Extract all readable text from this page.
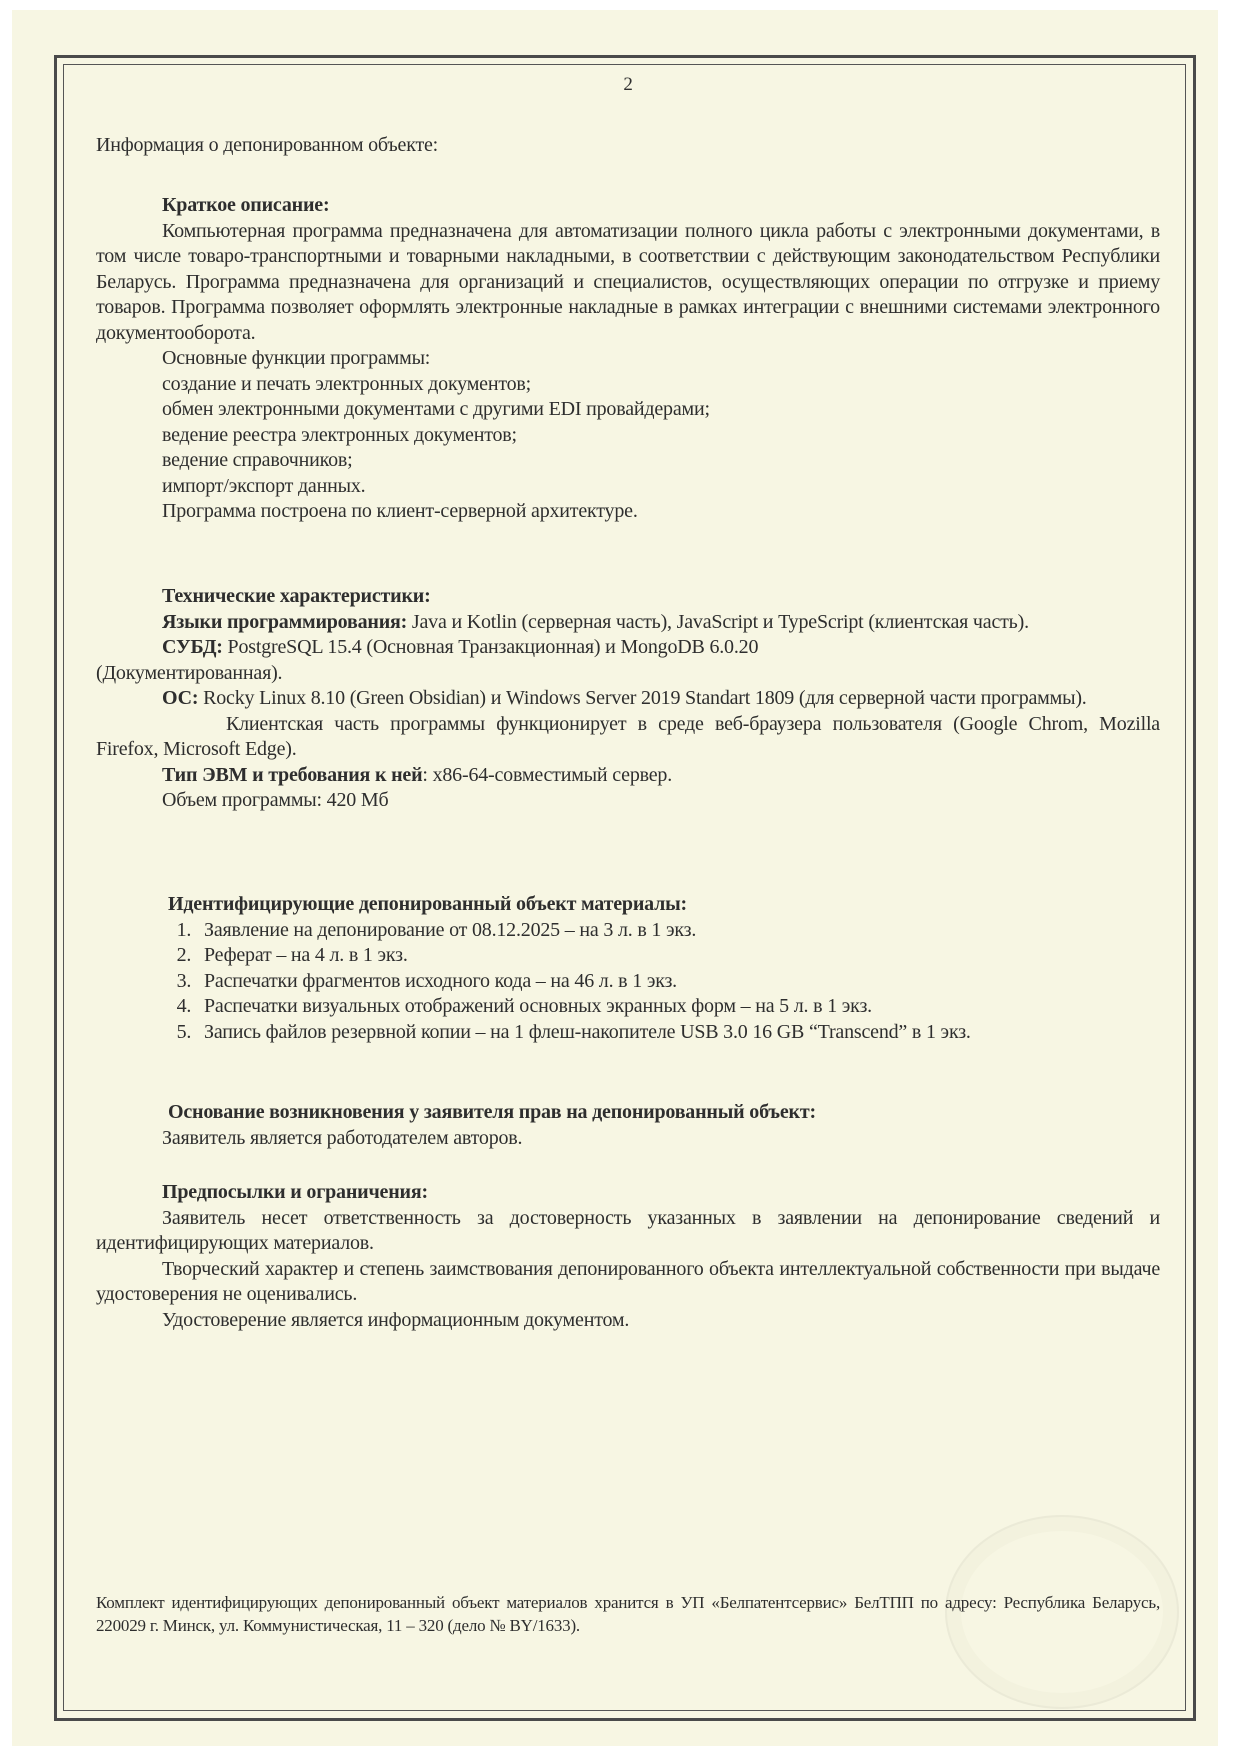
2

Информация о депонированном объекте:

Краткое описание:

Компьютерная программа предназначена для автоматизации полного цикла работы с электронными документами, в том числе товаро-транспортными и товарными накладными, в соответствии с действующим законодательством Республики Беларусь. Программа предназначена для организаций и специалистов, осуществляющих операции по отгрузке и приему товаров. Программа позволяет оформлять электронные накладные в рамках интеграции с внешними системами электронного документооборота.

Основные функции программы:

создание и печать электронных документов;

обмен электронными документами с другими EDI провайдерами;

ведение реестра электронных документов;

ведение справочников;

импорт/экспорт данных.

Программа построена по клиент-серверной архитектуре.

Технические характеристики:

Языки программирования: Java и Kotlin (серверная часть), JavaScript и TypeScript (клиентская часть).

СУБД: PostgreSQL 15.4 (Основная Транзакционная) и MongoDB 6.0.20

(Документированная).

ОС: Rocky Linux 8.10 (Green Obsidian) и Windows Server 2019 Standart 1809 (для серверной части программы).

Клиентская часть программы функционирует в среде веб-браузера пользователя (Google Chrom, Mozilla Firefox, Microsoft Edge).

Тип ЭВМ и требования к ней: x86-64-совместимый сервер.

Объем программы: 420 Мб

Идентифицирующие депонированный объект материалы:

1. Заявление на депонирование от 08.12.2025 – на 3 л. в 1 экз.
2. Реферат – на 4 л. в 1 экз.
3. Распечатки фрагментов исходного кода – на 46 л. в 1 экз.
4. Распечатки визуальных отображений основных экранных форм – на 5 л. в 1 экз.
5. Запись файлов резервной копии – на 1 флеш-накопителе USB 3.0 16 GB “Transcend” в 1 экз.

Основание возникновения у заявителя прав на депонированный объект:

Заявитель является работодателем авторов.

Предпосылки и ограничения:

Заявитель несет ответственность за достоверность указанных в заявлении на депонирование сведений и идентифицирующих материалов.

Творческий характер и степень заимствования депонированного объекта интеллектуальной собственности при выдаче удостоверения не оценивались.

Удостоверение является информационным документом.

Комплект идентифицирующих депонированный объект материалов хранится в УП «Белпатентсервис» БелТПП по адресу: Республика Беларусь, 220029 г. Минск, ул. Коммунистическая, 11 – 320 (дело № BY/1633).
